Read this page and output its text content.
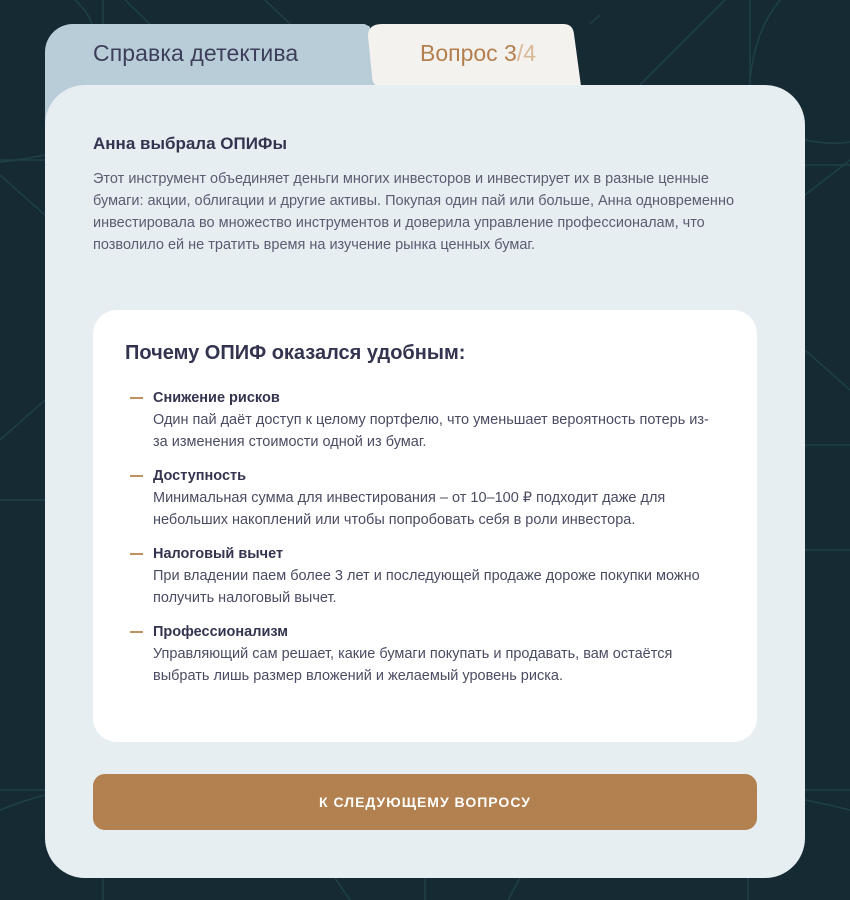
Справка детектива	Вопрос 3/4
Анна выбрала ОПИФы
Этот инструмент объединяет деньги многих инвесторов и инвестирует их в разные ценные бумаги: акции, облигации и другие активы. Покупая один пай или больше, Анна одновременно инвестировала во множество инструментов и доверила управление профессионалам, что позволило ей не тратить время на изучение рынка ценных бумаг.
Почему ОПИФ оказался удобным:
Снижение рисков
Один пай даёт доступ к целому портфелю, что уменьшает вероятность потерь из-за изменения стоимости одной из бумаг.
Доступность
Минимальная сумма для инвестирования – от 10–100 ₽ подходит даже для небольших накоплений или чтобы попробовать себя в роли инвестора.
Налоговый вычет
При владении паем более 3 лет и последующей продаже дороже покупки можно получить налоговый вычет.
Профессионализм
Управляющий сам решает, какие бумаги покупать и продавать, вам остаётся выбрать лишь размер вложений и желаемый уровень риска.
К СЛЕДУЮЩЕМУ ВОПРОСУ
